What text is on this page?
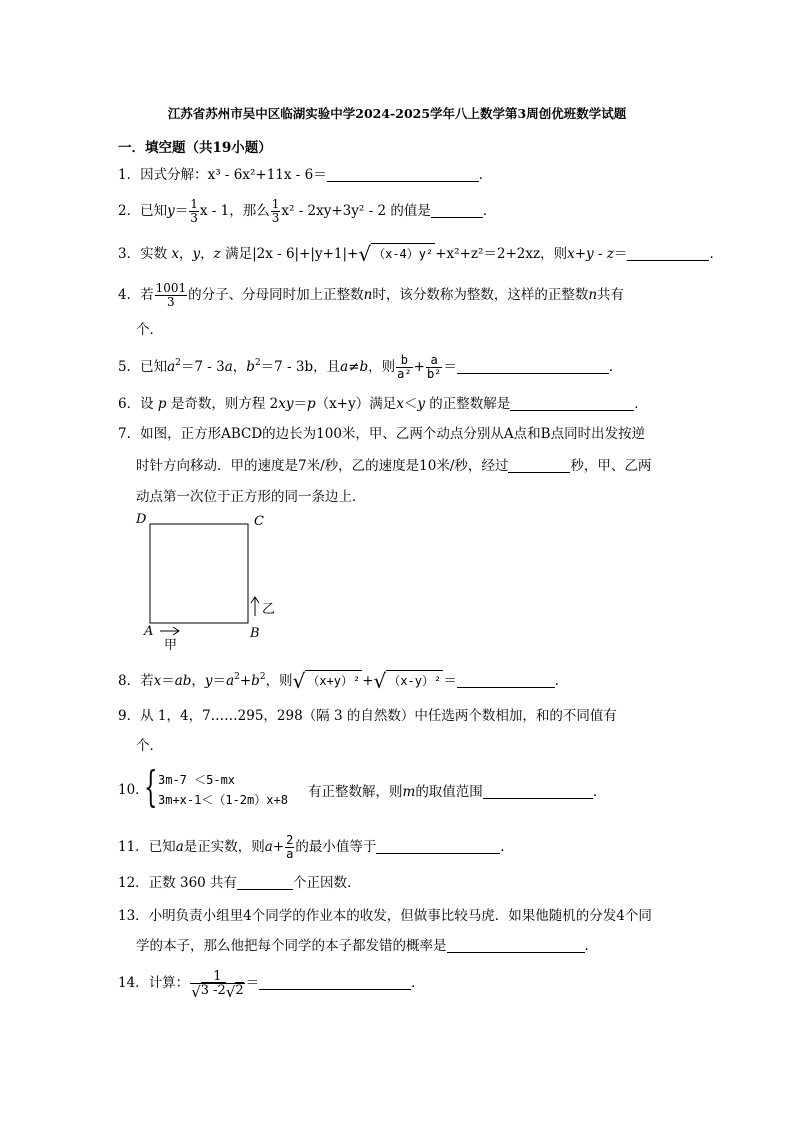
江苏省苏州市吴中区临湖实验中学2024-2025学年八上数学第3周创优班数学试题
一．填空题（共19小题）
1．因式分解：x³ - 6x²+11x - 6＝	．
2．已知$y= \frac{1}{3}$ x - 1，那么 $\frac{1}{3} x^2 - 2xy+3y^2 - 2$ 的值是	．
3．实数 x，y，z 满足|2x - 6|+|y+1|+√ （x-4）y² +x²+z²＝2+2xz，则x+y - z＝	．
4．若 $\frac{1001}{3}$ 的分子、分母同时加上正整数n时，该分数称为整数，这样的正整数n共有
个．
5．已知$a^2=7 - 3a$，$b^2=7 - 3b$，且a≠b，则 $\frac{b}{\text{a²}} + \frac{a}{\text{b²}}$ ＝	．
6．设 p 是奇数，则方程 2xy＝p（x+y）满足x＜y 的正整数解是	．
7．如图，正方形ABCD的边长为100米，甲、乙两个动点分别从A点和B点同时出发按逆
时针方向移动．甲的速度是7米/秒，乙的速度是10米/秒，经过	秒，甲、乙两
动点第一次位于正方形的同一条边上．
D	C
A	B
乙
甲
8．若x＝ab，$y=a^2+b^2$，则√ （x+y）² +√ （x-y）² ＝	．
9．从 1，4，7……295，298（隔 3 的自然数）中任选两个数相加，和的不同值有
个．
10．
{ 3m-7 ＜5-mx
3m+x-1＜（1-2m）x+8 有正整数解，则m的取值范围	．
11．已知a是正实数，则$a+ \frac{2}{a}$ 的最小值等于	．
12．正数 360 共有	个正因数．
13．小明负责小组里4个同学的作业本的收发，但做事比较马虎．如果他随机的分发4个同
学的本子，那么他把每个同学的本子都发错的概率是	．
14．计算： $\frac{1}{√3 -2√2}$ ＝	．
